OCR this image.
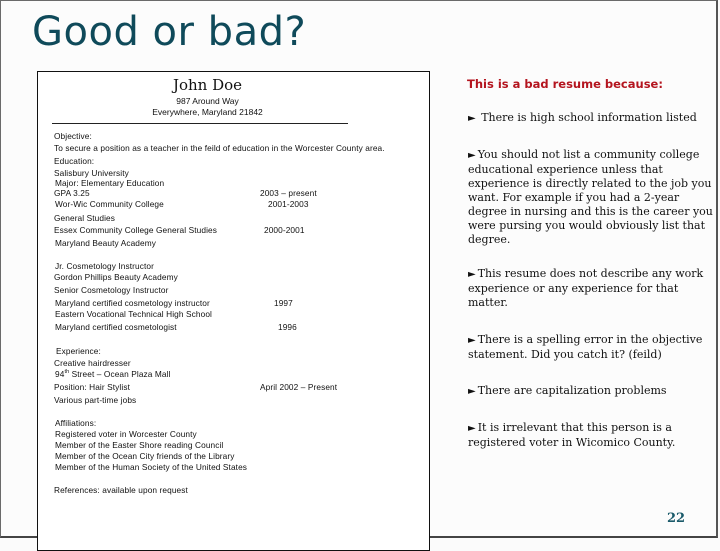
Good or bad?
John Doe
987 Around Way
Everywhere, Maryland 21842
Objective:
To secure a position as a teacher in the feild of education in the Worcester County area.
Education:
Salisbury University
Major: Elementary Education
GPA 3.25	2003 – present
Wor-Wic Community College	2001-2003
General Studies
Essex Community College General Studies	2000-2001
Maryland Beauty Academy
Jr. Cosmetology Instructor
Gordon Phillips Beauty Academy
Senior Cosmetology Instructor
Maryland certified cosmetology instructor	1997
Eastern Vocational Technical High School
Maryland certified cosmetologist	1996
Experience:
Creative hairdresser
94th Street – Ocean Plaza Mall
Position: Hair Stylist	April 2002 – Present
Various part-time jobs
Affiliations:
Registered voter in Worcester County
Member of the Easter Shore reading Council
Member of the Ocean City friends of the Library
Member of the Human Society of the United States
References: available upon request
This is a bad resume because:
► There is high school information listed
► You should not list a community college educational experience unless that experience is directly related to the job you want. For example if you had a 2-year degree in nursing and this is the career you were pursing you would obviously list that degree.
► This resume does not describe any work experience or any experience for that matter.
► There is a spelling error in the objective statement. Did you catch it? (feild)
► There are capitalization problems
► It is irrelevant that this person is a registered voter in Wicomico County.
22
